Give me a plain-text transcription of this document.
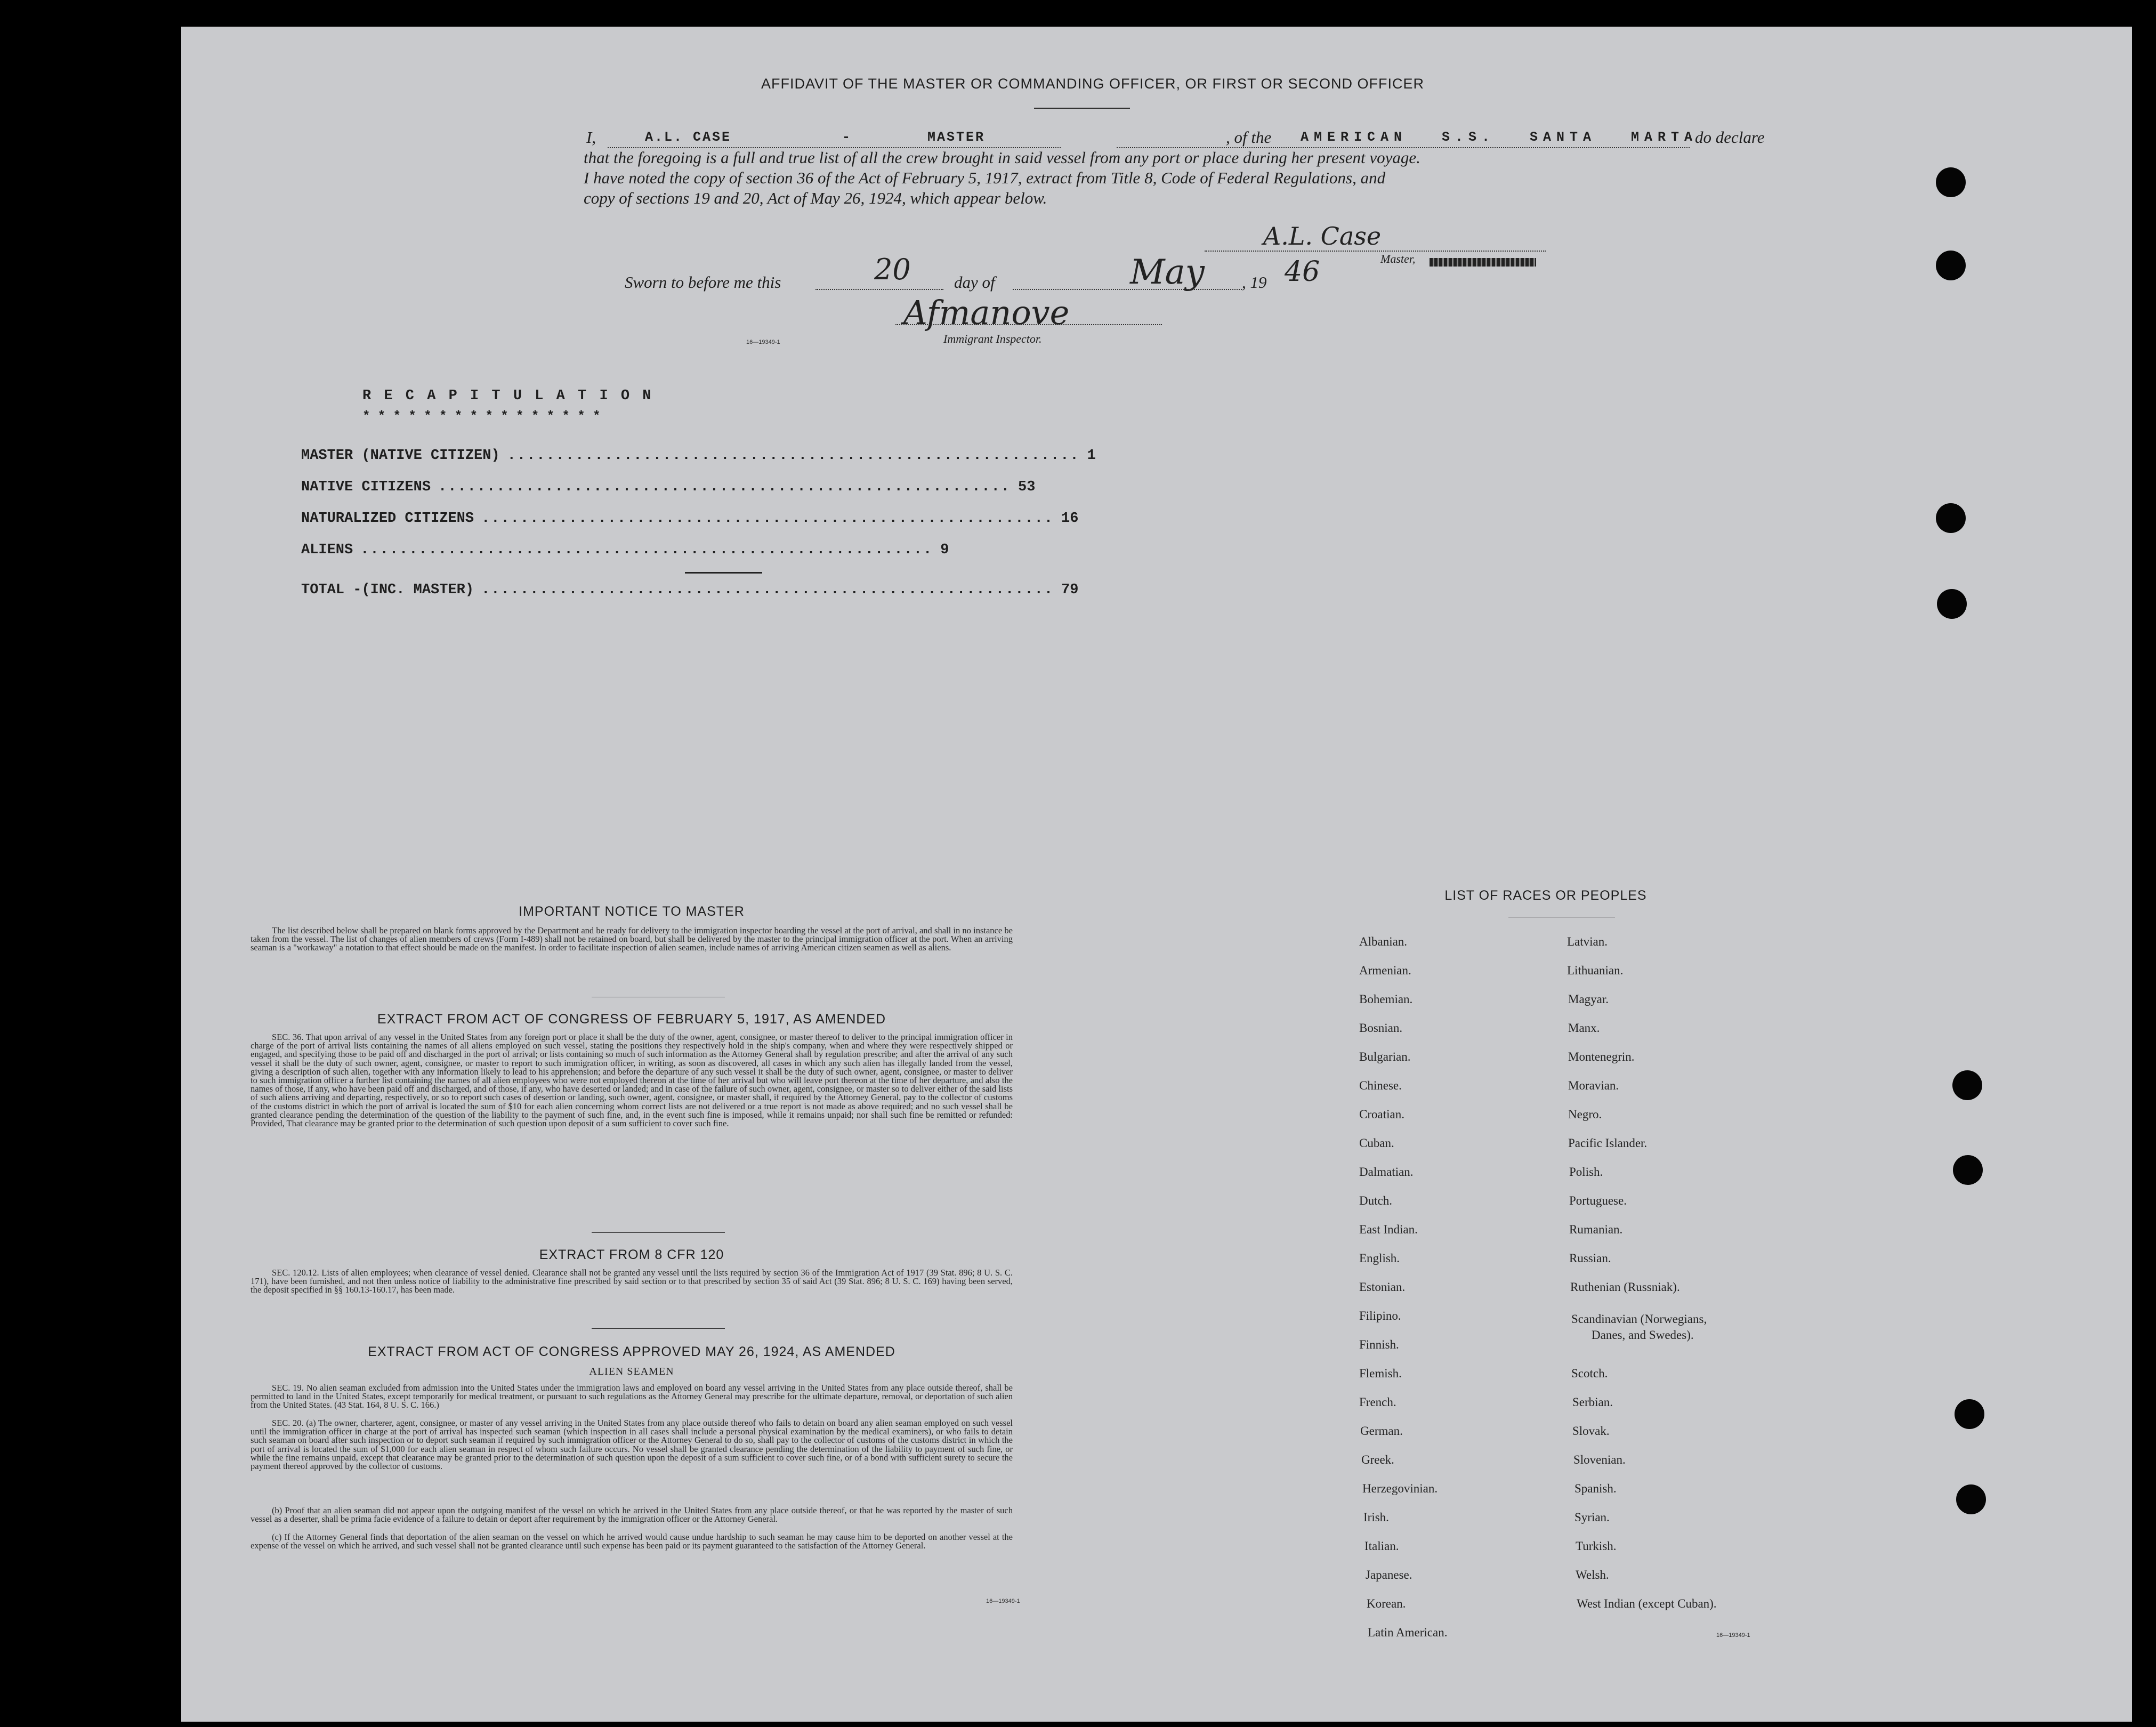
AFFIDAVIT OF THE MASTER OR COMMANDING OFFICER, OR FIRST OR SECOND OFFICER
I,	A.L. CASE	-	MASTER	, of the AMERICAN S.S. SANTA MARTA
do declare
that the foregoing is a full and true list of all the crew brought in said vessel from any port or place during her present voyage.
I have noted the copy of section 36 of the Act of February 5, 1917, extract from Title 8, Code of Federal Regulations, and
copy of sections 19 and 20, Act of May 26, 1924, which appear below.
A.L. Case
Master,
Sworn to before me this	20	day of	May , 19 46
Afmanove
Immigrant Inspector.
16—19349-1
R E C A P I T U L A T I O N
* * * * * * * * * * * * * * * *
MASTER (NATIVE CITIZEN) ........................................................... 1
NATIVE CITIZENS ........................................................... 53
NATURALIZED CITIZENS ........................................................... 16
ALIENS ........................................................... 9
TOTAL -(INC. MASTER) ........................................................... 79
IMPORTANT NOTICE TO MASTER
The list described below shall be prepared on blank forms approved by the Department and be ready for delivery to the immigration inspector boarding the vessel at the port of arrival, and shall in no instance be taken from the vessel. The list of changes of alien members of crews (Form I-489) shall not be retained on board, but shall be delivered by the master to the principal immigration officer at the port. When an arriving seaman is a "workaway" a notation to that effect should be made on the manifest. In order to facilitate inspection of alien seamen, include names of arriving American citizen seamen as well as aliens.
EXTRACT FROM ACT OF CONGRESS OF FEBRUARY 5, 1917, AS AMENDED
SEC. 36. That upon arrival of any vessel in the United States from any foreign port or place it shall be the duty of the owner, agent, consignee, or master thereof to deliver to the principal immigration officer in charge of the port of arrival lists containing the names of all aliens employed on such vessel, stating the positions they respectively hold in the ship's company, when and where they were respectively shipped or engaged, and specifying those to be paid off and discharged in the port of arrival; or lists containing so much of such information as the Attorney General shall by regulation prescribe; and after the arrival of any such vessel it shall be the duty of such owner, agent, consignee, or master to report to such immigration officer, in writing, as soon as discovered, all cases in which any such alien has illegally landed from the vessel, giving a description of such alien, together with any information likely to lead to his apprehension; and before the departure of any such vessel it shall be the duty of such owner, agent, consignee, or master to deliver to such immigration officer a further list containing the names of all alien employees who were not employed thereon at the time of her arrival but who will leave port thereon at the time of her departure, and also the names of those, if any, who have been paid off and discharged, and of those, if any, who have deserted or landed; and in case of the failure of such owner, agent, consignee, or master so to deliver either of the said lists of such aliens arriving and departing, respectively, or so to report such cases of desertion or landing, such owner, agent, consignee, or master shall, if required by the Attorney General, pay to the collector of customs of the customs district in which the port of arrival is located the sum of $10 for each alien concerning whom correct lists are not delivered or a true report is not made as above required; and no such vessel shall be granted clearance pending the determination of the question of the liability to the payment of such fine, and, in the event such fine is imposed, while it remains unpaid; nor shall such fine be remitted or refunded: Provided, That clearance may be granted prior to the determination of such question upon deposit of a sum sufficient to cover such fine.
EXTRACT FROM 8 CFR 120
SEC. 120.12. Lists of alien employees; when clearance of vessel denied. Clearance shall not be granted any vessel until the lists required by section 36 of the Immigration Act of 1917 (39 Stat. 896; 8 U. S. C. 171), have been furnished, and not then unless notice of liability to the administrative fine prescribed by said section or to that prescribed by section 35 of said Act (39 Stat. 896; 8 U. S. C. 169) having been served, the deposit specified in §§ 160.13-160.17, has been made.
EXTRACT FROM ACT OF CONGRESS APPROVED MAY 26, 1924, AS AMENDED
ALIEN SEAMEN
SEC. 19. No alien seaman excluded from admission into the United States under the immigration laws and employed on board any vessel arriving in the United States from any place outside thereof, shall be permitted to land in the United States, except temporarily for medical treatment, or pursuant to such regulations as the Attorney General may prescribe for the ultimate departure, removal, or deportation of such alien from the United States. (43 Stat. 164, 8 U. S. C. 166.)
SEC. 20. (a) The owner, charterer, agent, consignee, or master of any vessel arriving in the United States from any place outside thereof who fails to detain on board any alien seaman employed on such vessel until the immigration officer in charge at the port of arrival has inspected such seaman (which inspection in all cases shall include a personal physical examination by the medical examiners), or who fails to detain such seaman on board after such inspection or to deport such seaman if required by such immigration officer or the Attorney General to do so, shall pay to the collector of customs of the customs district in which the port of arrival is located the sum of $1,000 for each alien seaman in respect of whom such failure occurs. No vessel shall be granted clearance pending the determination of the liability to payment of such fine, or while the fine remains unpaid, except that clearance may be granted prior to the determination of such question upon the deposit of a sum sufficient to cover such fine, or of a bond with sufficient surety to secure the payment thereof approved by the collector of customs.
(b) Proof that an alien seaman did not appear upon the outgoing manifest of the vessel on which he arrived in the United States from any place outside thereof, or that he was reported by the master of such vessel as a deserter, shall be prima facie evidence of a failure to detain or deport after requirement by the immigration officer or the Attorney General.
(c) If the Attorney General finds that deportation of the alien seaman on the vessel on which he arrived would cause undue hardship to such seaman he may cause him to be deported on another vessel at the expense of the vessel on which he arrived, and such vessel shall not be granted clearance until such expense has been paid or its payment guaranteed to the satisfaction of the Attorney General.
16—19349-1
LIST OF RACES OR PEOPLES
Albanian.
Armenian.
Bohemian.
Bosnian.
Bulgarian.
Chinese.
Croatian.
Cuban.
Dalmatian.
Dutch.
East Indian.
English.
Estonian.
Filipino.
Finnish.
Flemish.
French.
German.
Greek.
Herzegovinian.
Irish.
Italian.
Japanese.
Korean.
Latin American.
Latvian.
Lithuanian.
Magyar.
Manx.
Montenegrin.
Moravian.
Negro.
Pacific Islander.
Polish.
Portuguese.
Rumanian.
Russian.
Ruthenian (Russniak).
Scandinavian (Norwegians,
Danes, and Swedes).
Scotch.
Serbian.
Slovak.
Slovenian.
Spanish.
Syrian.
Turkish.
Welsh.
West Indian (except Cuban).
16—19349-1
